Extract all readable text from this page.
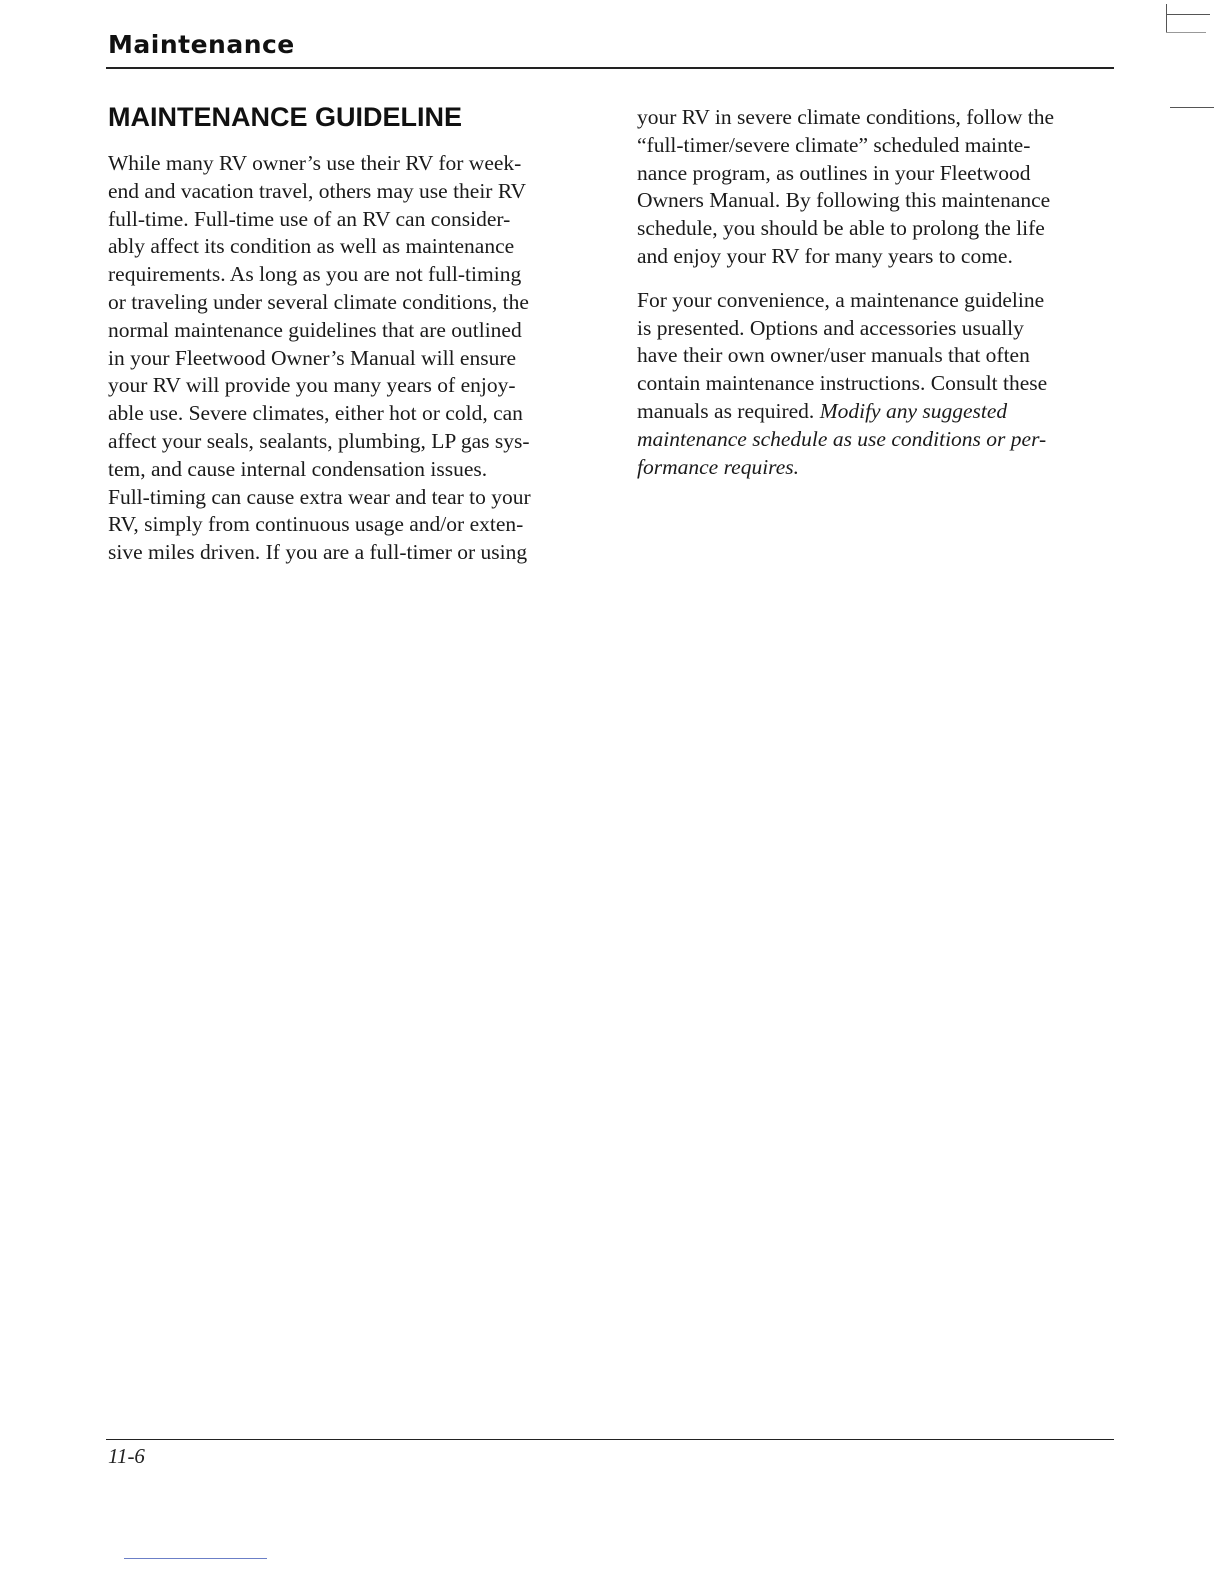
Maintenance
MAINTENANCE GUIDELINE

While many RV owner’s use their RV for week-
end and vacation travel, others may use their RV
full-time. Full-time use of an RV can consider-
ably affect its condition as well as maintenance
requirements. As long as you are not full-timing
or traveling under several climate conditions, the
normal maintenance guidelines that are outlined
in your Fleetwood Owner’s Manual will ensure
your RV will provide you many years of enjoy-
able use. Severe climates, either hot or cold, can
affect your seals, sealants, plumbing, LP gas sys-
tem, and cause internal condensation issues.
Full-timing can cause extra wear and tear to your
RV, simply from continuous usage and/or exten-
sive miles driven. If you are a full-timer or using

your RV in severe climate conditions, follow the
“full-timer/severe climate” scheduled mainte-
nance program, as outlines in your Fleetwood
Owners Manual. By following this maintenance
schedule, you should be able to prolong the life
and enjoy your RV for many years to come.

For your convenience, a maintenance guideline
is presented. Options and accessories usually
have their own owner/user manuals that often
contain maintenance instructions. Consult these
manuals as required. Modify any suggested
maintenance schedule as use conditions or per-
formance requires.

11-6
